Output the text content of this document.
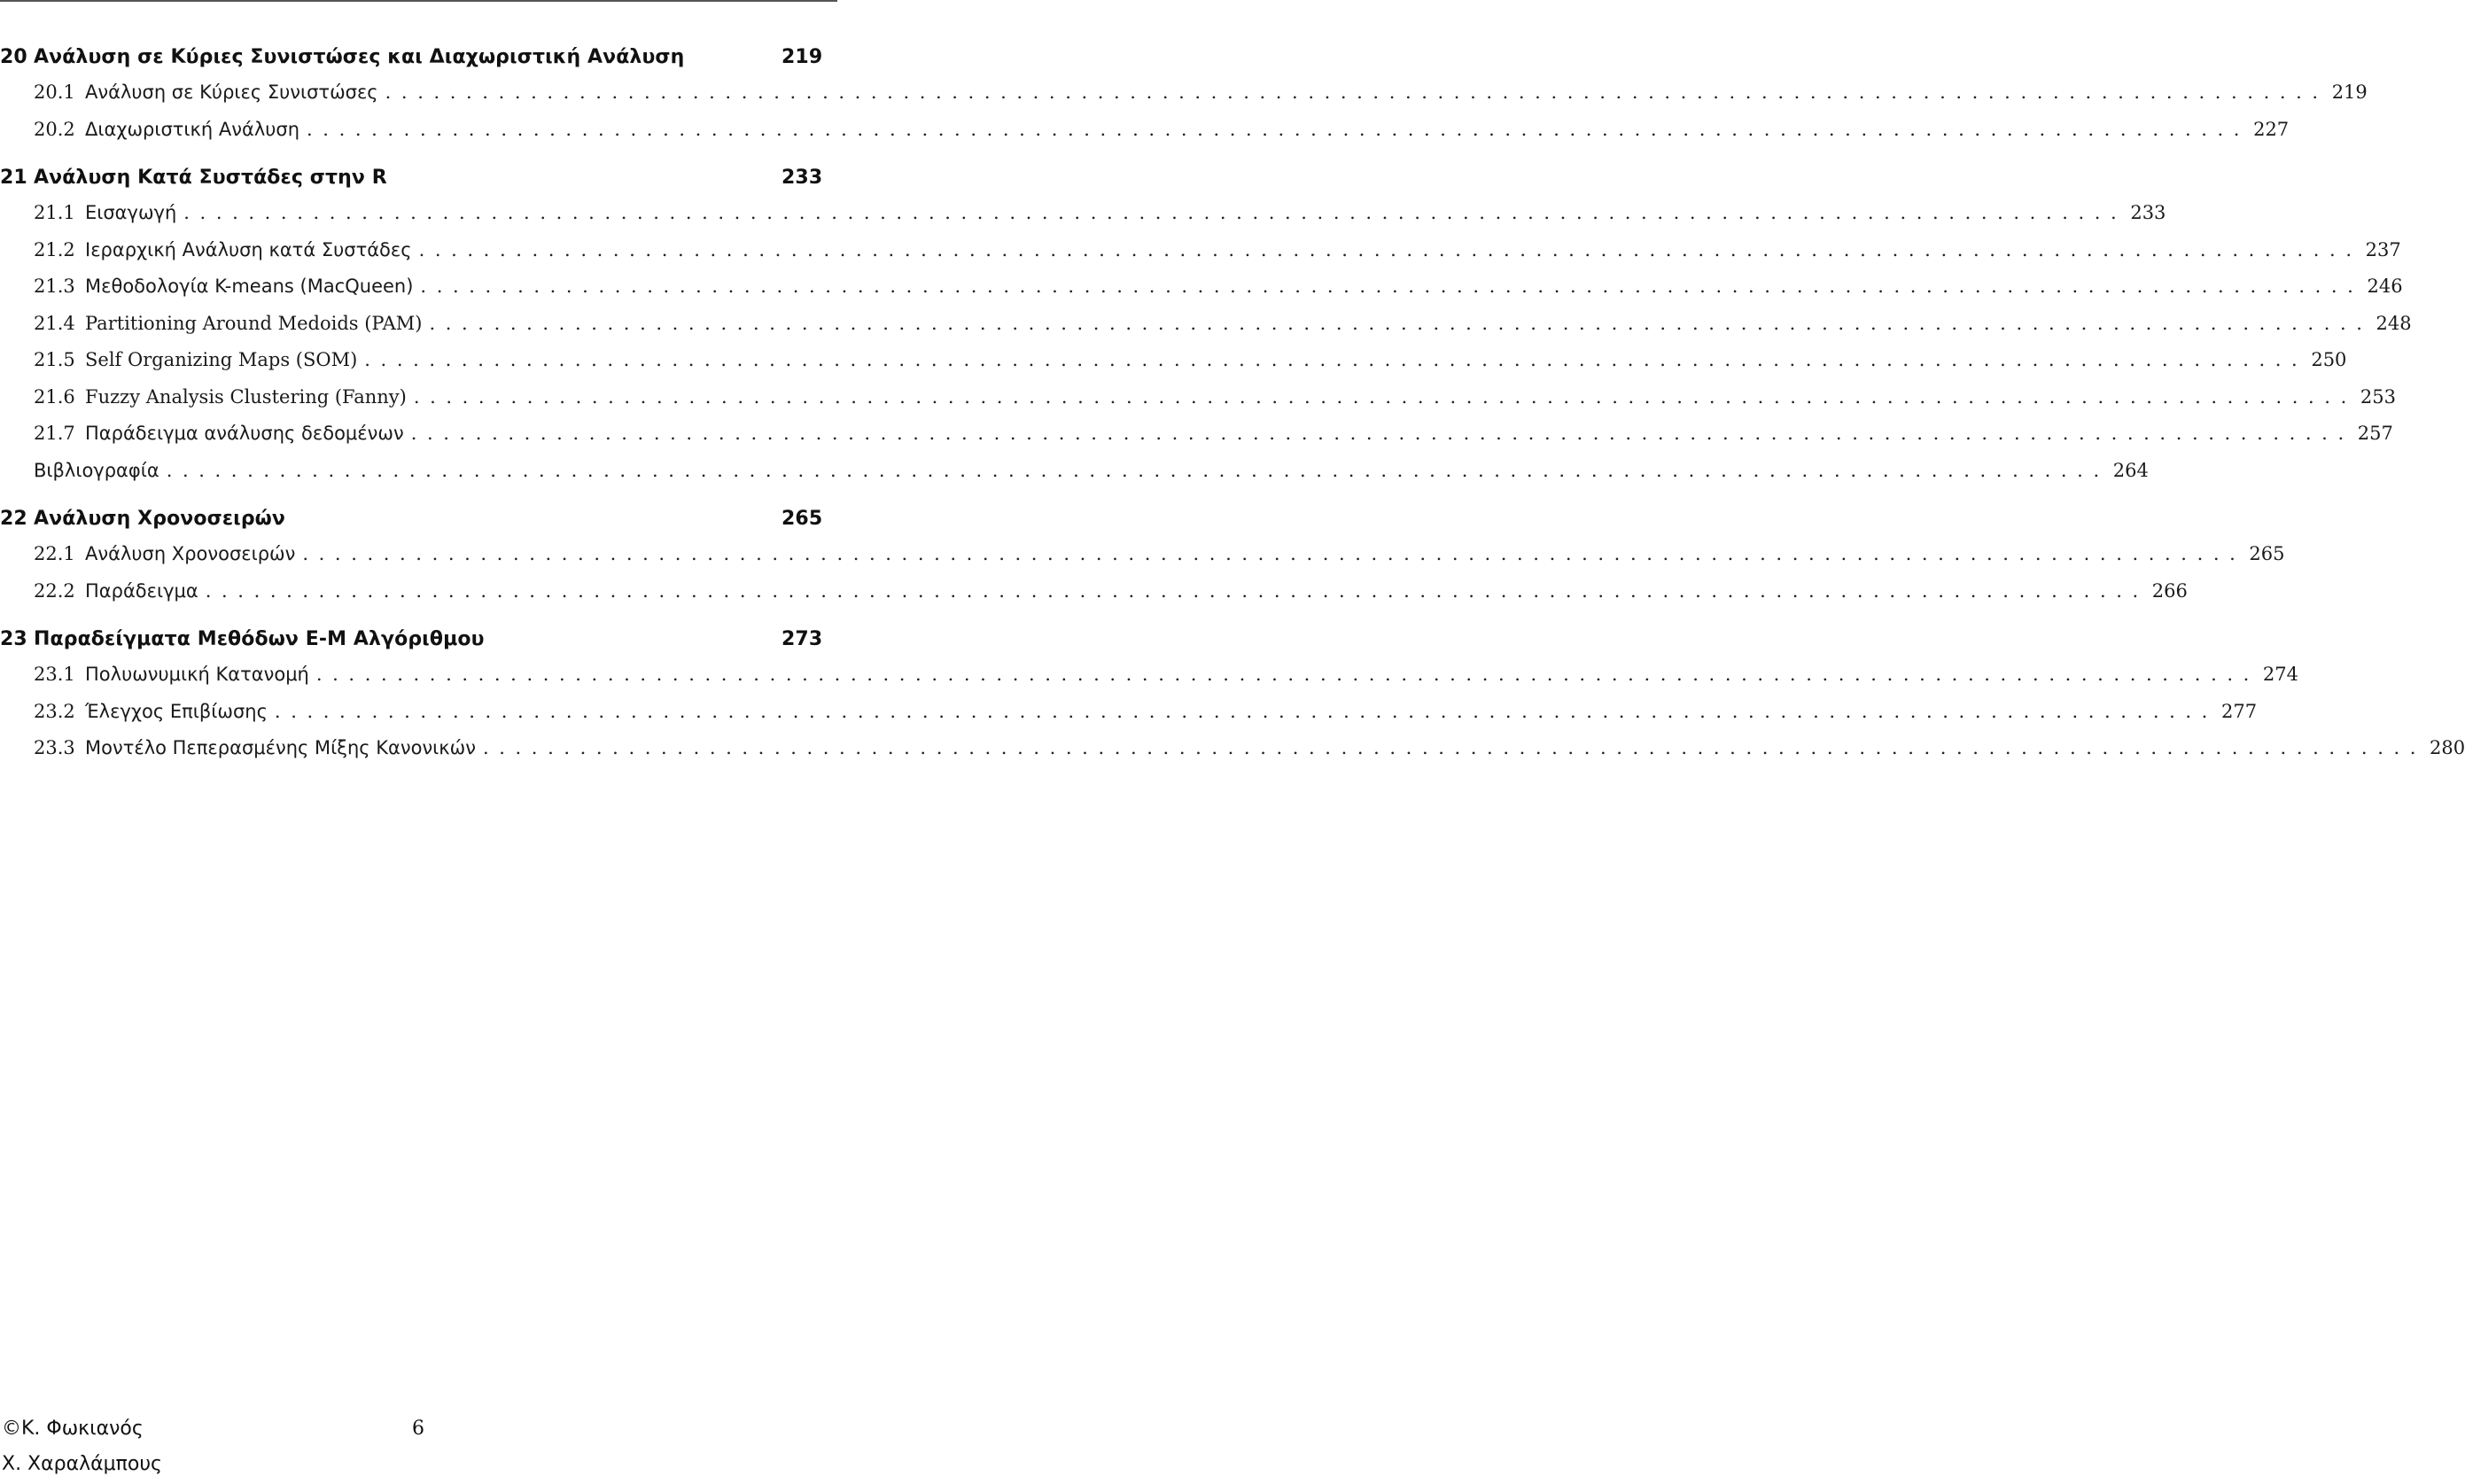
20 Ανάλυση σε Κύριες Συνιστώσες και Διαχωριστική Ανάλυση	219
20.1 Ανάλυση σε Κύριες Συνιστώσες ........................................................................................................................ 219
20.2 Διαχωριστική Ανάλυση ........................................................................................................................ 227
21 Ανάλυση Κατά Συστάδες στην R	233
21.1 Εισαγωγή ........................................................................................................................ 233
21.2 Ιεραρχική Ανάλυση κατά Συστάδες ........................................................................................................................ 237
21.3 Μεθοδολογία K-means (MacQueen) ........................................................................................................................ 246
21.4 Partitioning Around Medoids (PAM) ........................................................................................................................ 248
21.5 Self Organizing Maps (SOM) ........................................................................................................................ 250
21.6 Fuzzy Analysis Clustering (Fanny) ........................................................................................................................ 253
21.7 Παράδειγμα ανάλυσης δεδομένων ........................................................................................................................ 257
Βιβλιογραφία ........................................................................................................................ 264
22 Ανάλυση Χρονοσειρών	265
22.1 Ανάλυση Χρονοσειρών ........................................................................................................................ 265
22.2 Παράδειγμα ........................................................................................................................ 266
23 Παραδείγματα Μεθόδων E-M Αλγόριθμου	273
23.1 Πολυωνυμική Κατανομή ........................................................................................................................ 274
23.2 Έλεγχος Επιβίωσης ........................................................................................................................ 277
23.3 Μοντέλο Πεπερασμένης Μίξης Κανονικών ........................................................................................................................ 280
©Κ. Φωκιανός
Χ. Χαραλάμπους
6
